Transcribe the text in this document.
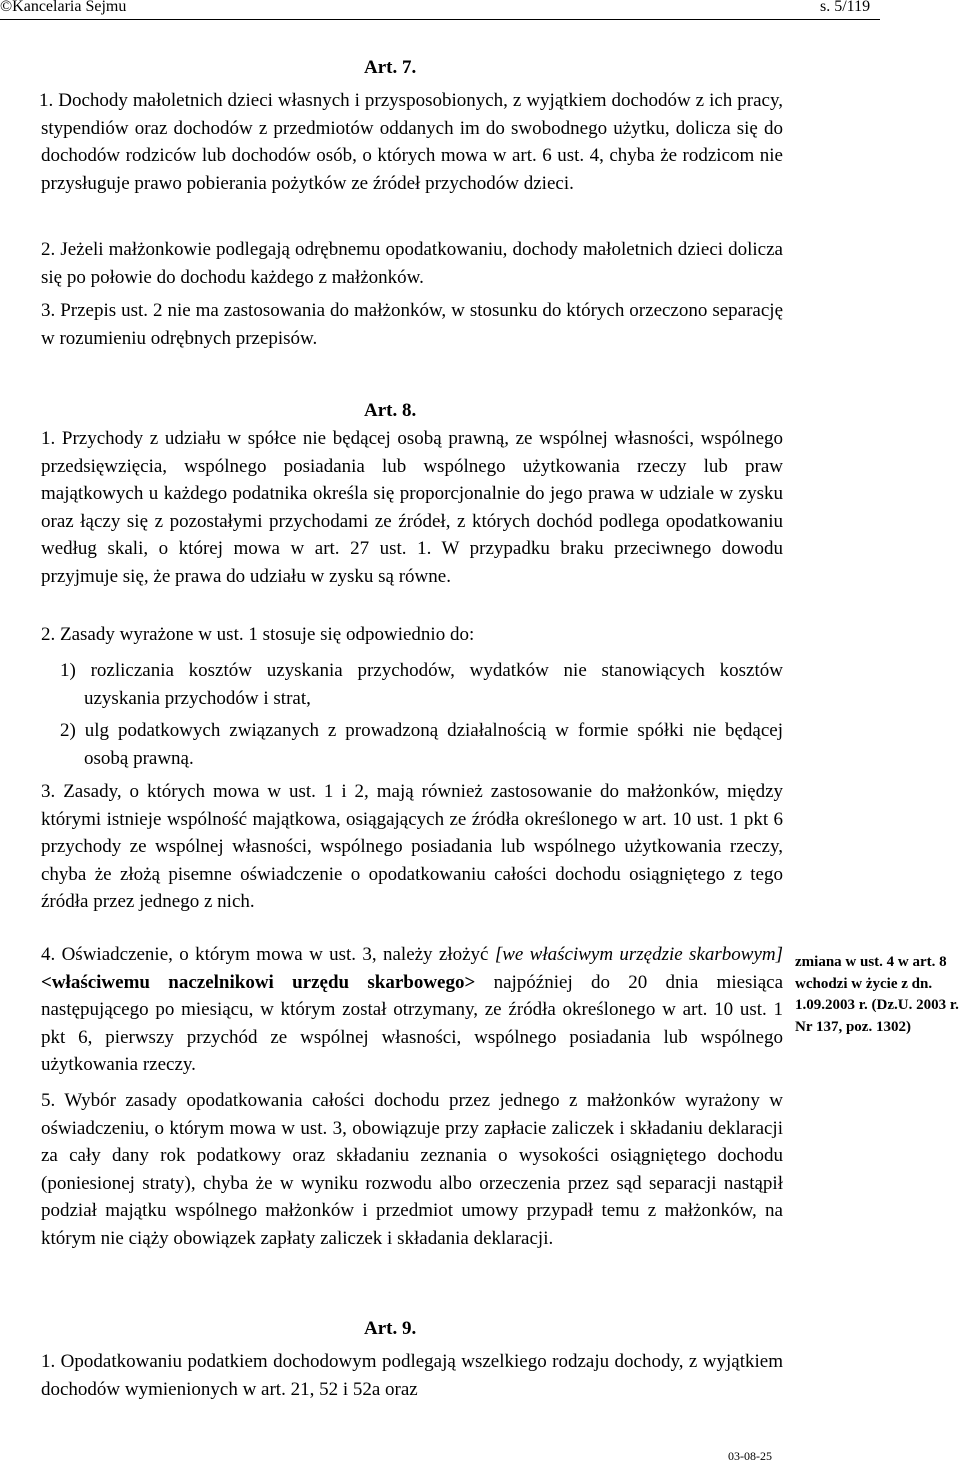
©Kancelaria Sejmu	s. 5/119
Art. 7.
1. Dochody małoletnich dzieci własnych i przysposobionych, z wyjątkiem dochodów z ich pracy, stypendiów oraz dochodów z przedmiotów oddanych im do swobodnego użytku, dolicza się do dochodów rodziców lub dochodów osób, o których mowa w art. 6 ust. 4, chyba że rodzicom nie przysługuje prawo pobierania pożytków ze źródeł przychodów dzieci.
2. Jeżeli małżonkowie podlegają odrębnemu opodatkowaniu, dochody małoletnich dzieci dolicza się po połowie do dochodu każdego z małżonków.
3. Przepis ust. 2 nie ma zastosowania do małżonków, w stosunku do których orzeczono separację w rozumieniu odrębnych przepisów.
Art. 8.
1. Przychody z udziału w spółce nie będącej osobą prawną, ze wspólnej własności, wspólnego przedsięwzięcia, wspólnego posiadania lub wspólnego użytkowania rzeczy lub praw majątkowych u każdego podatnika określa się proporcjonalnie do jego prawa w udziale w zysku oraz łączy się z pozostałymi przychodami ze źródeł, z których dochód podlega opodatkowaniu według skali, o której mowa w art. 27 ust. 1. W przypadku braku przeciwnego dowodu przyjmuje się, że prawa do udziału w zysku są równe.
2. Zasady wyrażone w ust. 1 stosuje się odpowiednio do:
1) rozliczania kosztów uzyskania przychodów, wydatków nie stanowiących kosztów uzyskania przychodów i strat,
2) ulg podatkowych związanych z prowadzoną działalnością w formie spółki nie będącej osobą prawną.
3. Zasady, o których mowa w ust. 1 i 2, mają również zastosowanie do małżonków, między którymi istnieje wspólność majątkowa, osiągających ze źródła określonego w art. 10 ust. 1 pkt 6 przychody ze wspólnej własności, wspólnego posiadania lub wspólnego użytkowania rzeczy, chyba że złożą pisemne oświadczenie o opodatkowaniu całości dochodu osiągniętego z tego źródła przez jednego z nich.
4. Oświadczenie, o którym mowa w ust. 3, należy złożyć [we właściwym urzędzie skarbowym] <właściwemu naczelnikowi urzędu skarbowego> najpóźniej do 20 dnia miesiąca następującego po miesiącu, w którym został otrzymany, ze źródła określonego w art. 10 ust. 1 pkt 6, pierwszy przychód ze wspólnej własności, wspólnego posiadania lub wspólnego użytkowania rzeczy.
5. Wybór zasady opodatkowania całości dochodu przez jednego z małżonków wyrażony w oświadczeniu, o którym mowa w ust. 3, obowiązuje przy zapłacie zaliczek i składaniu deklaracji za cały dany rok podatkowy oraz składaniu zeznania o wysokości osiągniętego dochodu (poniesionej straty), chyba że w wyniku rozwodu albo orzeczenia przez sąd separacji nastąpił podział majątku wspólnego małżonków i przedmiot umowy przypadł temu z małżonków, na którym nie ciąży obowiązek zapłaty zaliczek i składania deklaracji.
zmiana w ust. 4 w art. 8 wchodzi w życie z dn. 1.09.2003 r. (Dz.U. 2003 r. Nr 137, poz. 1302)
Art. 9.
1. Opodatkowaniu podatkiem dochodowym podlegają wszelkiego rodzaju dochody, z wyjątkiem dochodów wymienionych w art. 21, 52 i 52a oraz
03-08-25
